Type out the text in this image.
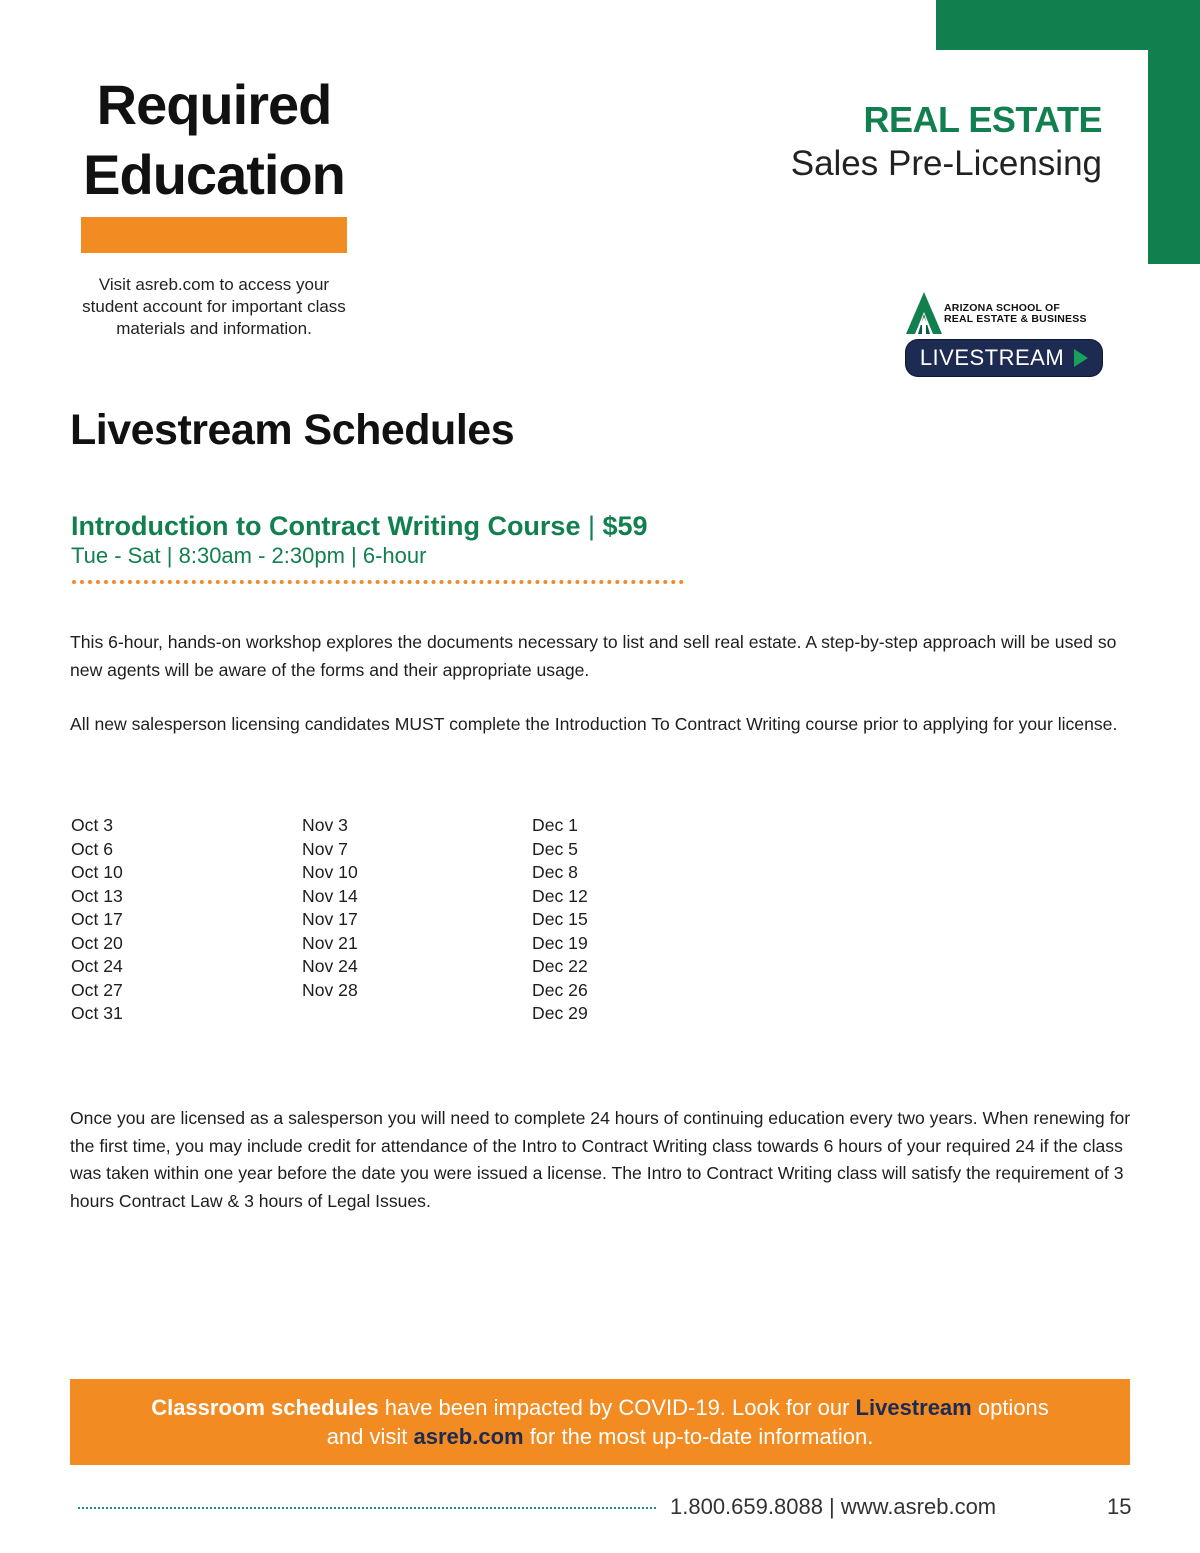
Required
Education

Visit asreb.com to access your student account for important class materials and information.

REAL ESTATE
Sales Pre-Licensing
ARIZONA SCHOOL OF
REAL ESTATE & BUSINESS
LIVESTREAM
Livestream Schedules
Introduction to Contract Writing Course | $59
Tue - Sat | 8:30am - 2:30pm | 6-hour

This 6-hour, hands-on workshop explores the documents necessary to list and sell real estate. A step-by-step approach will be used so new agents will be aware of the forms and their appropriate usage.

All new salesperson licensing candidates MUST complete the Introduction To Contract Writing course prior to applying for your license.

Oct 3
Oct 6
Oct 10
Oct 13
Oct 17
Oct 20
Oct 24
Oct 27
Oct 31
Nov 3
Nov 7
Nov 10
Nov 14
Nov 17
Nov 21
Nov 24
Nov 28
Dec 1
Dec 5
Dec 8
Dec 12
Dec 15
Dec 19
Dec 22
Dec 26
Dec 29

Once you are licensed as a salesperson you will need to complete 24 hours of continuing education every two years. When renewing for the first time, you may include credit for attendance of the Intro to Contract Writing class towards 6 hours of your required 24 if the class was taken within one year before the date you were issued a license. The Intro to Contract Writing class will satisfy the requirement of 3 hours Contract Law & 3 hours of Legal Issues.

Classroom schedules have been impacted by COVID-19. Look for our Livestream options
and visit asreb.com for the most up-to-date information.
1.800.659.8088 | www.asreb.com	15
